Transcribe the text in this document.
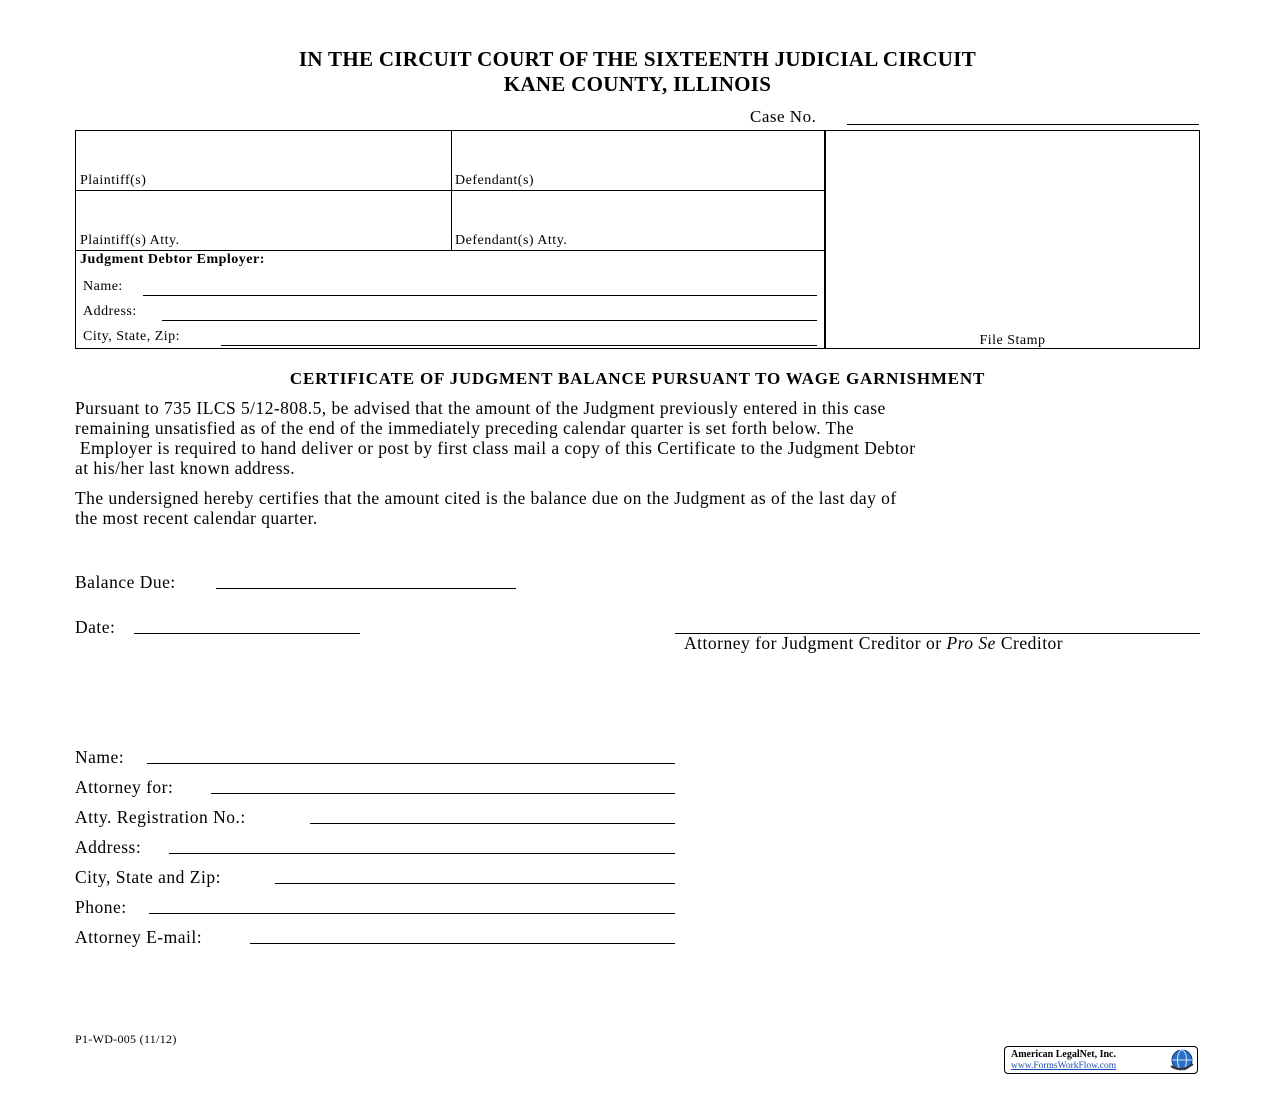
IN THE CIRCUIT COURT OF THE SIXTEENTH JUDICIAL CIRCUIT
KANE COUNTY, ILLINOIS
Case No.
Plaintiff(s)	Defendant(s)
Plaintiff(s) Atty.	Defendant(s) Atty.
Judgment Debtor Employer:
Name:
Address:
City, State, Zip:	File Stamp
CERTIFICATE OF JUDGMENT BALANCE PURSUANT TO WAGE GARNISHMENT
Pursuant to 735 ILCS 5/12-808.5, be advised that the amount of the Judgment previously entered in this case
remaining unsatisfied as of the end of the immediately preceding calendar quarter is set forth below. The
Employer is required to hand deliver or post by first class mail a copy of this Certificate to the Judgment Debtor
at his/her last known address.
The undersigned hereby certifies that the amount cited is the balance due on the Judgment as of the last day of
the most recent calendar quarter.
Balance Due:
Date:
Attorney for Judgment Creditor or Pro Se Creditor
Name:
Attorney for:
Atty. Registration No.:
Address:
City, State and Zip:
Phone:
Attorney E-mail:
P1-WD-005 (11/12)
American LegalNet, Inc.
www.FormsWorkFlow.com
